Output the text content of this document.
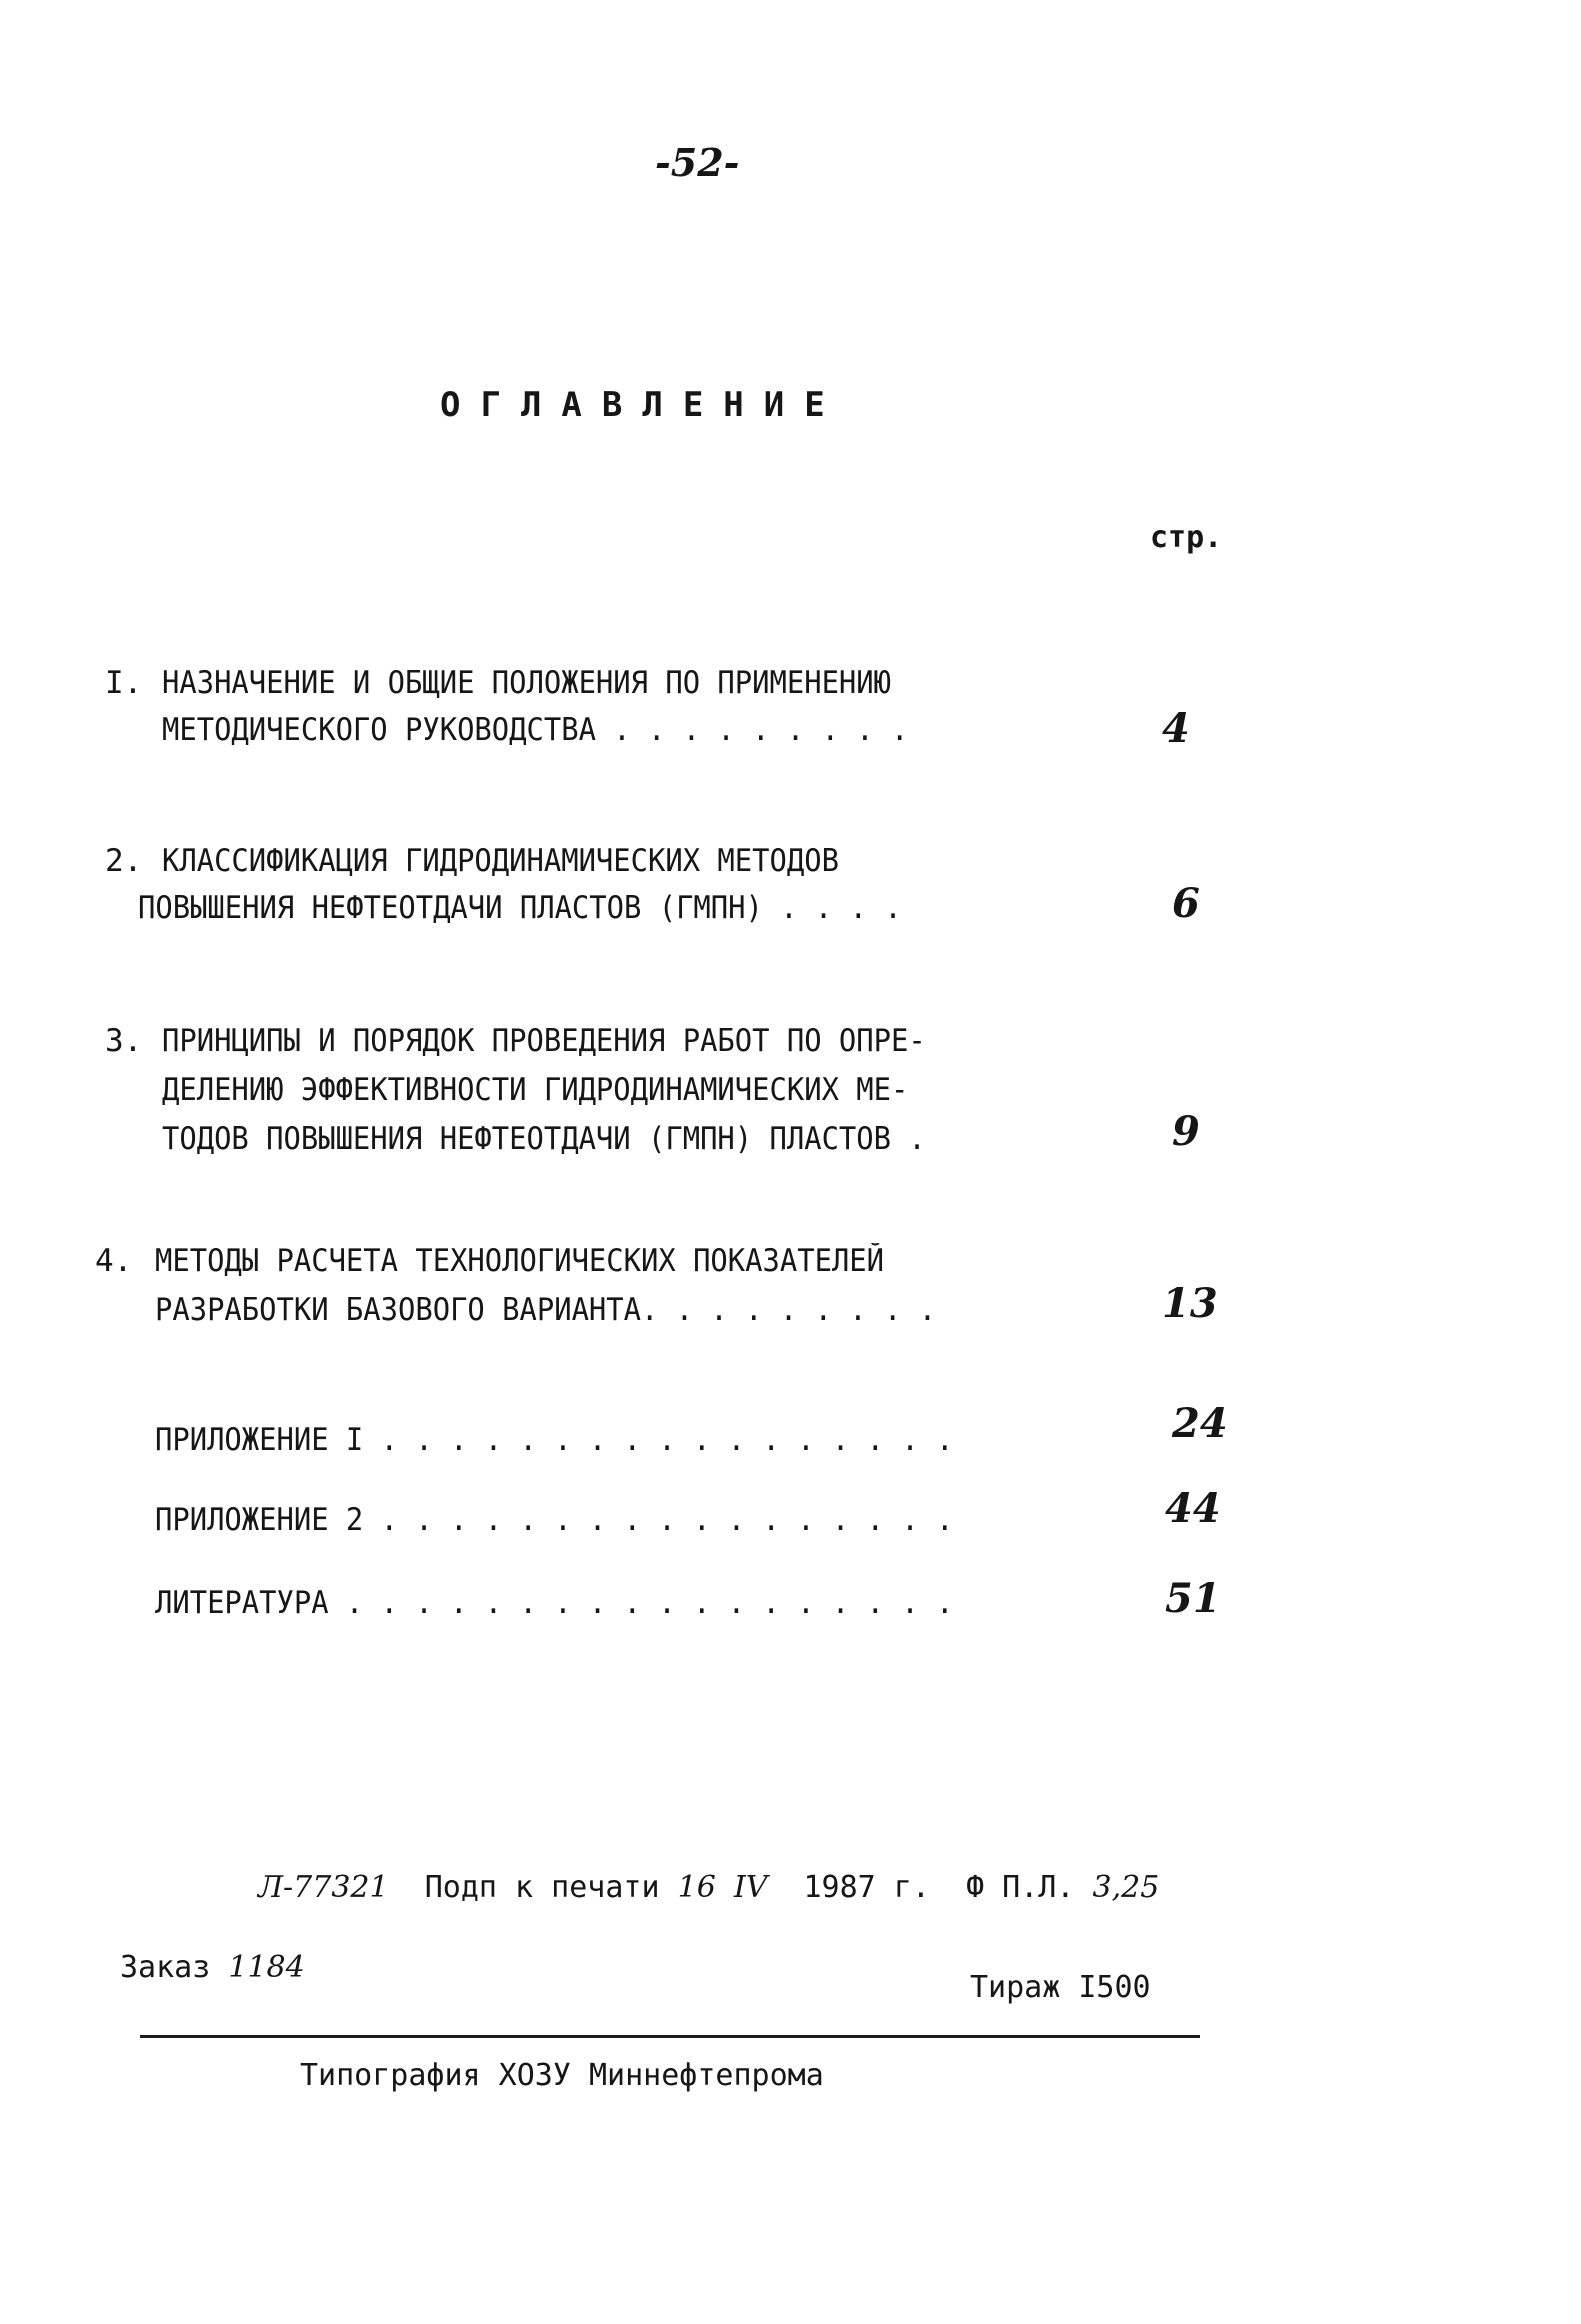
-52-
ОГЛАВЛЕНИЕ
стр.
I. НАЗНАЧЕНИЕ И ОБЩИЕ ПОЛОЖЕНИЯ ПО ПРИМЕНЕНИЮ
МЕТОДИЧЕСКОГО РУКОВОДСТВА . . . . . . . . .	4
2. КЛАССИФИКАЦИЯ ГИДРОДИНАМИЧЕСКИХ МЕТОДОВ
ПОВЫШЕНИЯ НЕФТЕОТДАЧИ ПЛАСТОВ (ГМПН) . . . .	6
3. ПРИНЦИПЫ И ПОРЯДОК ПРОВЕДЕНИЯ РАБОТ ПО ОПРЕ-
ДЕЛЕНИЮ ЭФФЕКТИВНОСТИ ГИДРОДИНАМИЧЕСКИХ МЕ-
ТОДОВ ПОВЫШЕНИЯ НЕФТЕОТДАЧИ (ГМПН) ПЛАСТОВ .	9
4. МЕТОДЫ РАСЧЕТА ТЕХНОЛОГИЧЕСКИХ ПОКАЗАТЕЛЕЙ
РАЗРАБОТКИ БАЗОВОГО ВАРИАНТА. . . . . . . . .	13
ПРИЛОЖЕНИЕ I . . . . . . . . . . . . . . . . .	24
ПРИЛОЖЕНИЕ 2 . . . . . . . . . . . . . . . . .	44
ЛИТЕРАТУРА . . . . . . . . . . . . . . . . . .	51
Л-77321 Подп к печати 16 IV 1987 г. Ф П.Л. 3,25
Заказ 1184
Тираж I500
Типография ХОЗУ Миннефтепрома
